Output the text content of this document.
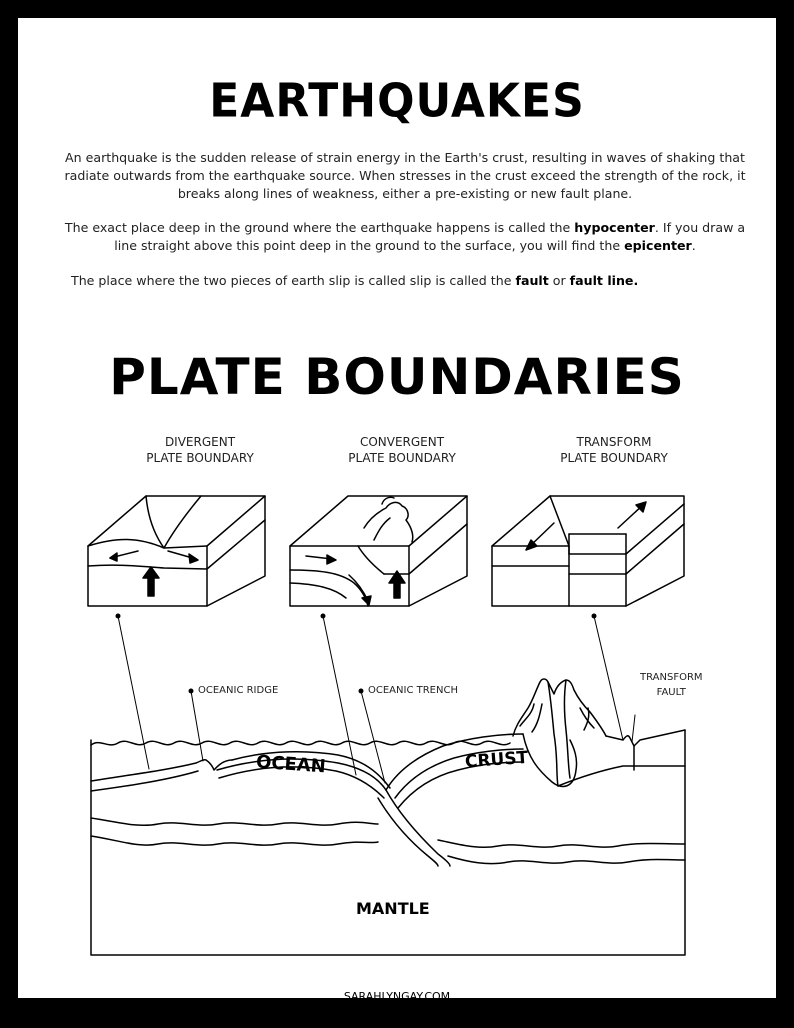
EARTHQUAKES

An earthquake is the sudden release of strain energy in the Earth's crust, resulting in waves of shaking that radiate outwards from the earthquake source. When stresses in the crust exceed the strength of the rock, it breaks along lines of weakness, either a pre-existing or new fault plane.

The exact place deep in the ground where the earthquake happens is called the hypocenter. If you draw a line straight above this point deep in the ground to the surface, you will find the epicenter.

The place where the two pieces of earth slip is called slip is called the fault or fault line.

PLATE BOUNDARIES
DIVERGENT
PLATE BOUNDARY
CONVERGENT
PLATE BOUNDARY
TRANSFORM
PLATE BOUNDARY
OCEANIC RIDGE	OCEANIC TRENCH
TRANSFORM
FAULT
OCEAN	CRUST
MANTLE
SARAHLYNGAY.COM
